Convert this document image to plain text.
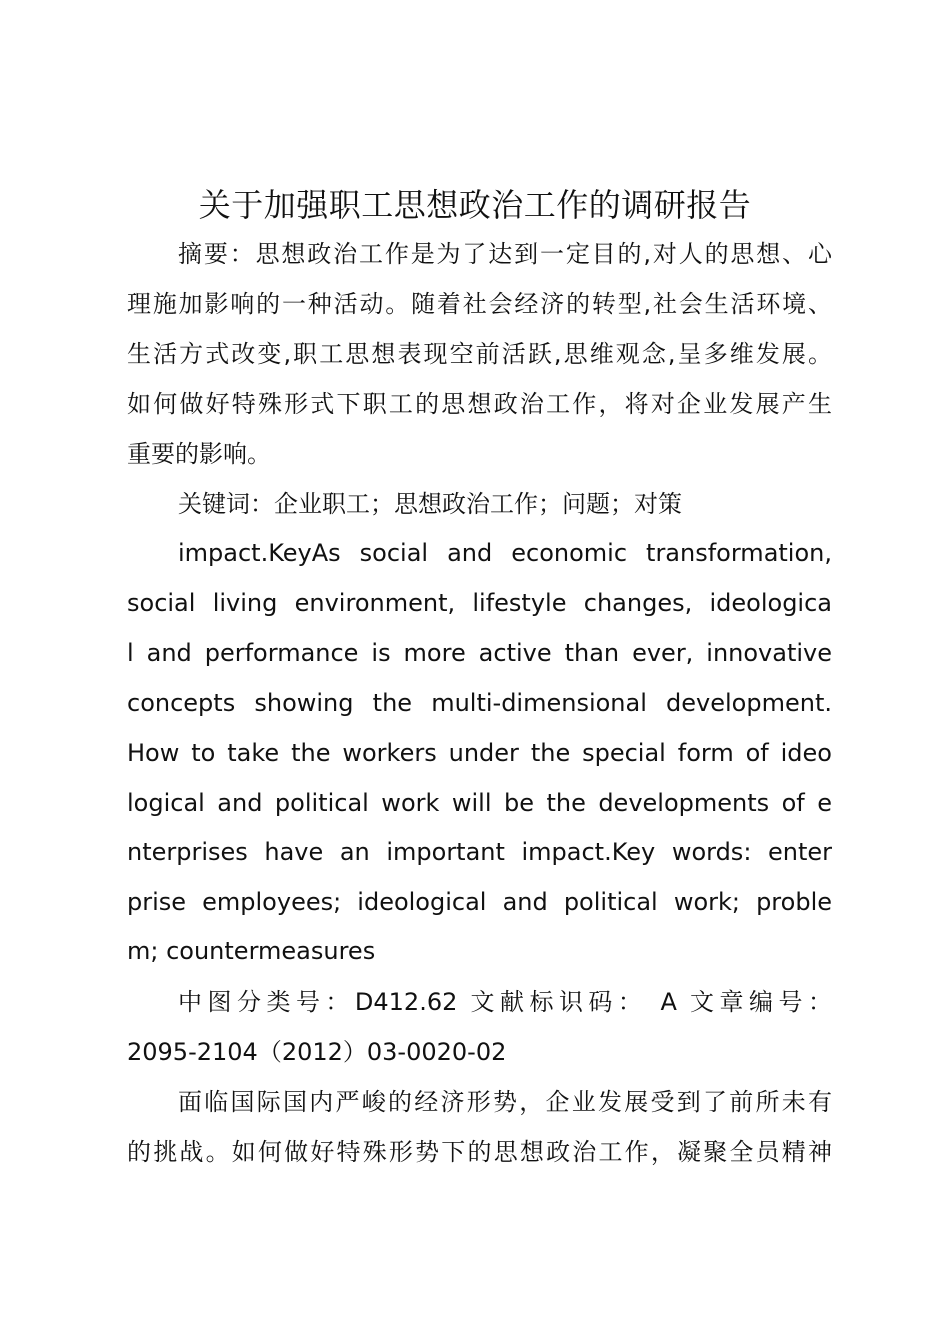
关于加强职工思想政治工作的调研报告
摘要：思想政治工作是为了达到一定目的,对人的思想、心
理施加影响的一种活动。随着社会经济的转型,社会生活环境、
生活方式改变,职工思想表现空前活跃,思维观念,呈多维发展。
如何做好特殊形式下职工的思想政治工作，将对企业发展产生
重要的影响。
关键词：企业职工；思想政治工作；问题；对策
impact.KeyAs social and economic transformation,
social living environment, lifestyle changes, ideologica
l and performance is more active than ever, innovative
concepts showing the multi-dimensional development.
How to take the workers under the special form of ideo
logical and political work will be the developments of e
nterprises have an important impact.Key words: enter
prise employees; ideological and political work; proble
m; countermeasures
中图分类号：D412.62 文献标识码： A 文章编号：
2095-2104（2012）03-0020-02
面临国际国内严峻的经济形势，企业发展受到了前所未有
的挑战。如何做好特殊形势下的思想政治工作，凝聚全员精神
